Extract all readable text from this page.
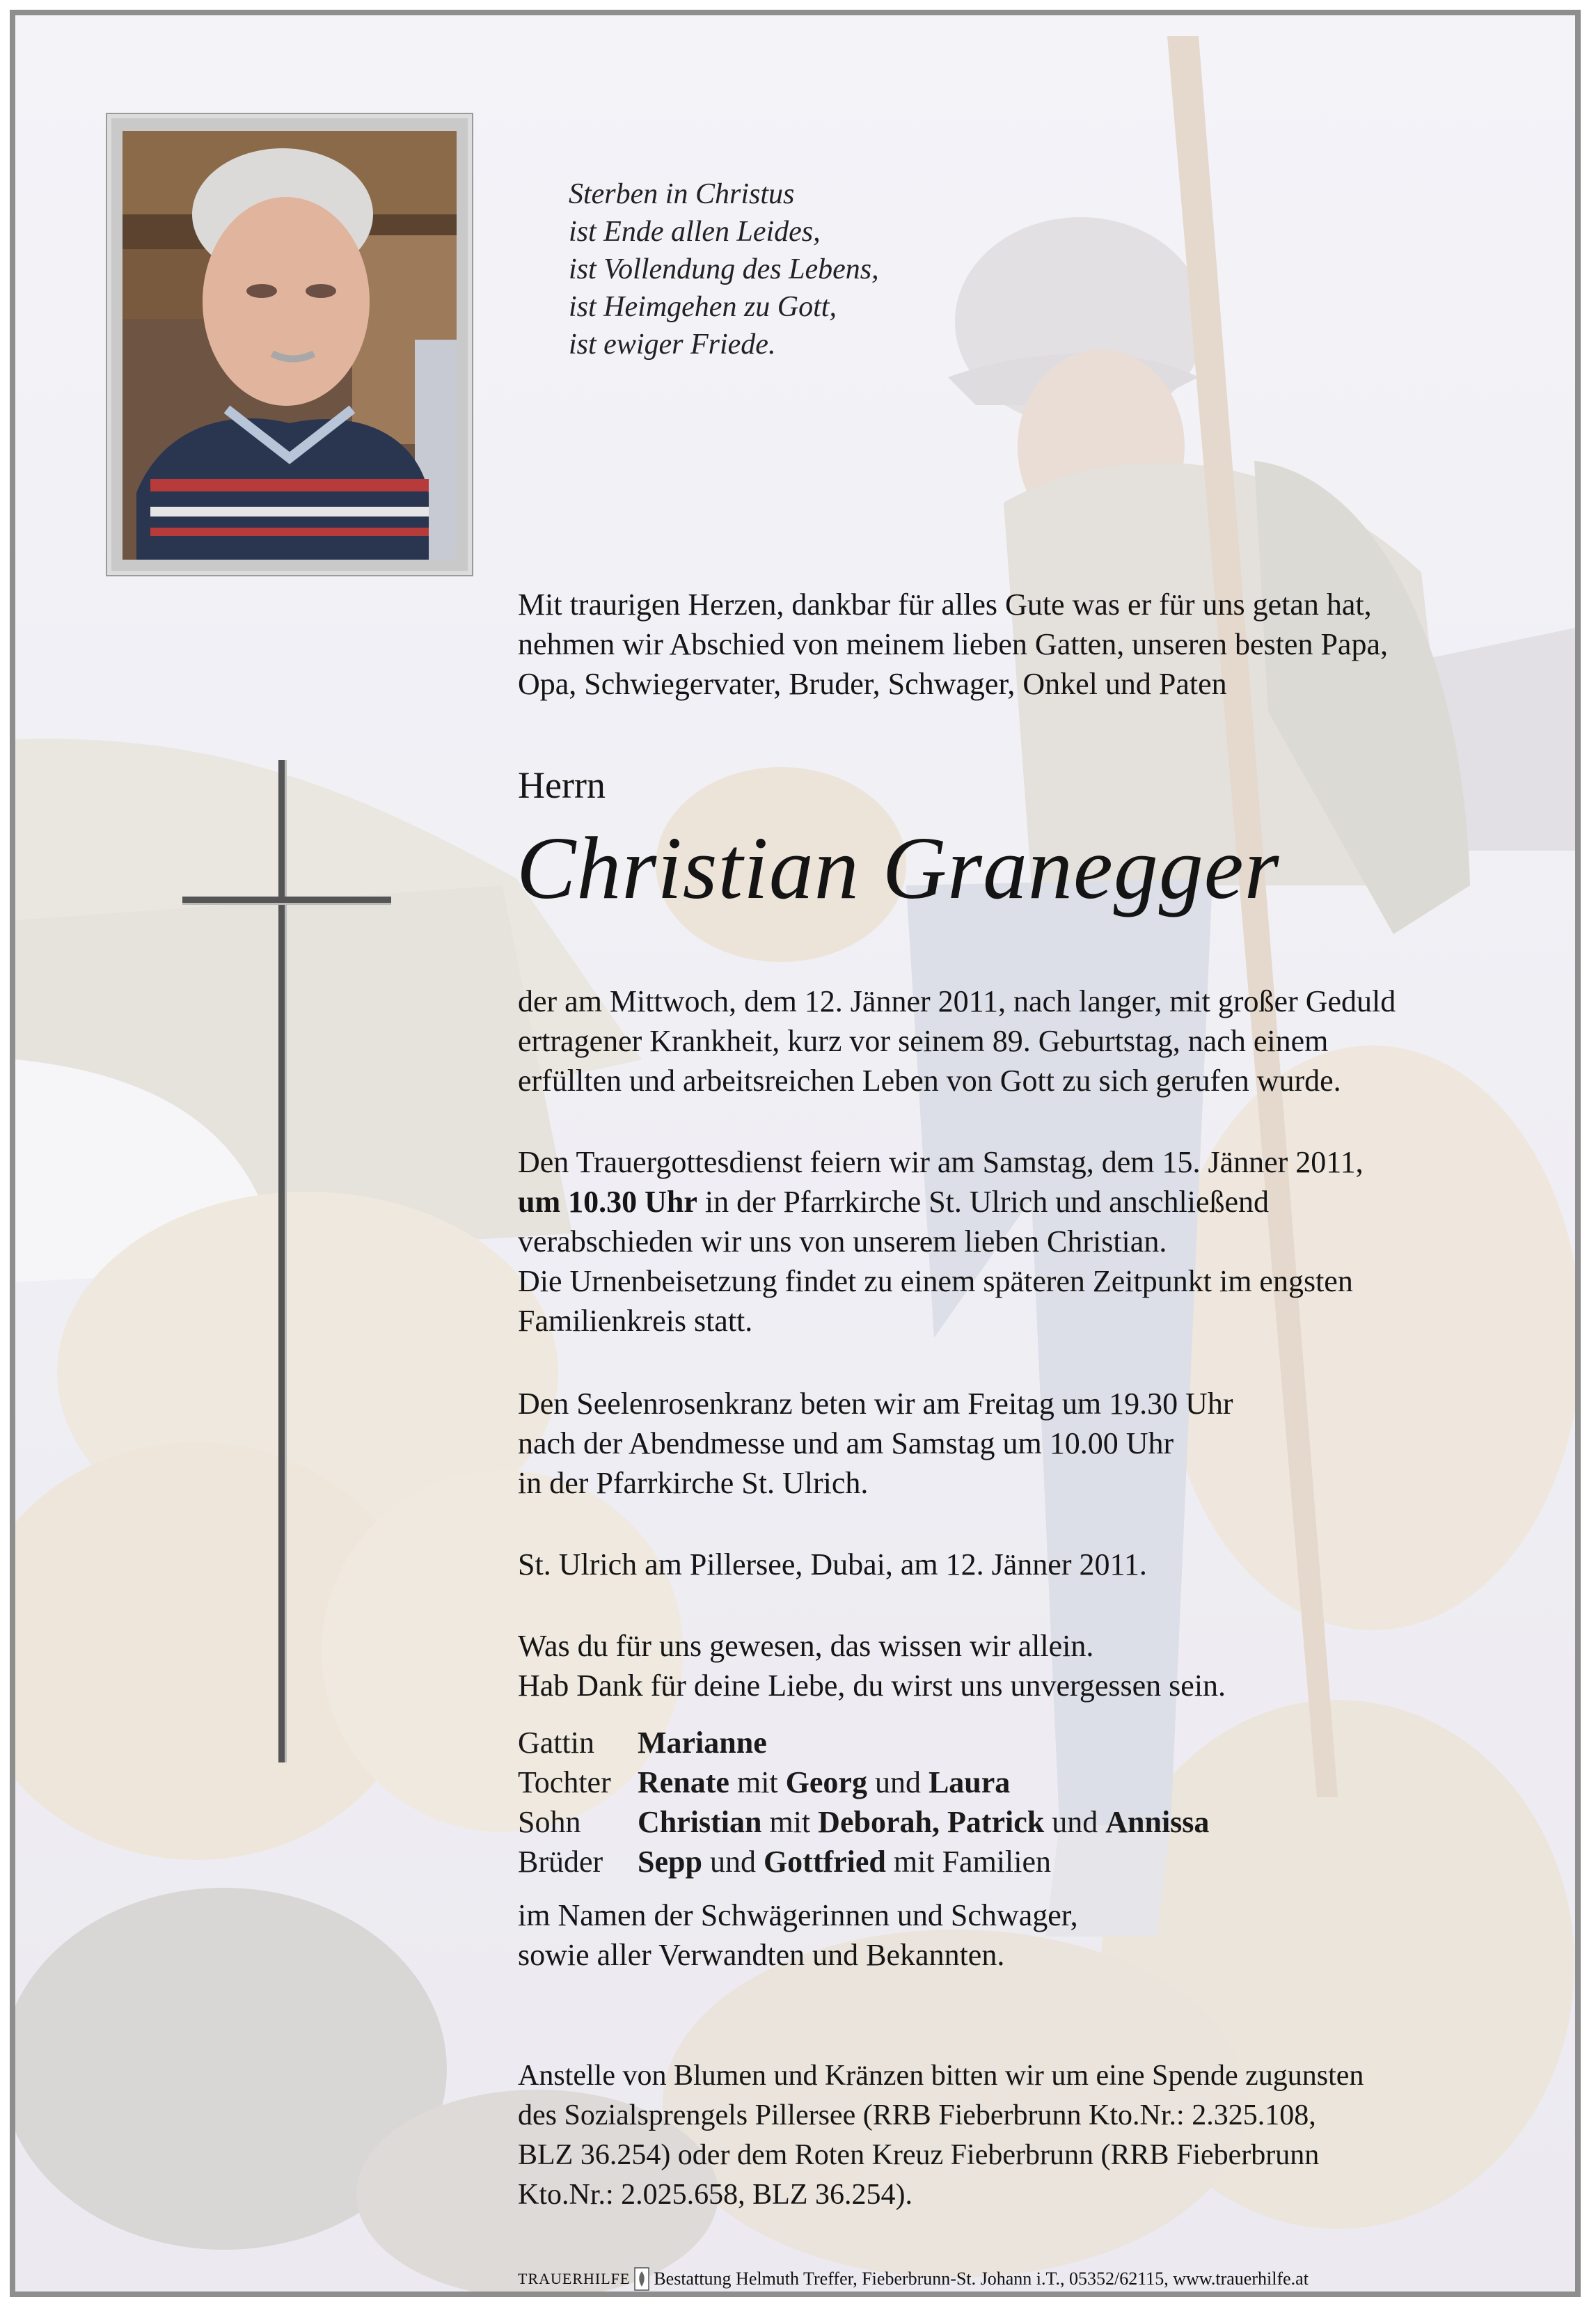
Sterben in Christus
ist Ende allen Leides,
ist Vollendung des Lebens,
ist Heimgehen zu Gott,
ist ewiger Friede.

Mit traurigen Herzen, dankbar für alles Gute was er für uns getan hat,

nehmen wir Abschied von meinem lieben Gatten, unseren besten Papa,

Opa, Schwiegervater, Bruder, Schwager, Onkel und Paten

Herrn
Christian Granegger

der am Mittwoch, dem 12. Jänner 2011, nach langer, mit großer Geduld

ertragener Krankheit, kurz vor seinem 89. Geburtstag, nach einem

erfüllten und arbeitsreichen Leben von Gott zu sich gerufen wurde.

Den Trauergottesdienst feiern wir am Samstag, dem 15. Jänner 2011,

um 10.30 Uhr in der Pfarrkirche St. Ulrich und anschließend

verabschieden wir uns von unserem lieben Christian.

Die Urnenbeisetzung findet zu einem späteren Zeitpunkt im engsten

Familienkreis statt.

Den Seelenrosenkranz beten wir am Freitag um 19.30 Uhr

nach der Abendmesse und am Samstag um 10.00 Uhr

in der Pfarrkirche St. Ulrich.

St. Ulrich am Pillersee, Dubai, am 12. Jänner 2011.

Was du für uns gewesen, das wissen wir allein.

Hab Dank für deine Liebe, du wirst uns unvergessen sein.

Gattin	Marianne
Tochter Renate mit Georg und Laura
Sohn	Christian mit Deborah, Patrick und Annissa
Brüder	Sepp und Gottfried mit Familien

im Namen der Schwägerinnen und Schwager,

sowie aller Verwandten und Bekannten.

Anstelle von Blumen und Kränzen bitten wir um eine Spende zugunsten

des Sozialsprengels Pillersee (RRB Fieberbrunn Kto.Nr.: 2.325.108,

BLZ 36.254) oder dem Roten Kreuz Fieberbrunn (RRB Fieberbrunn

Kto.Nr.: 2.025.658, BLZ 36.254).

TRAUERHILFE Bestattung Helmuth Treffer, Fieberbrunn-St. Johann i.T., 05352/62115, www.trauerhilfe.at
